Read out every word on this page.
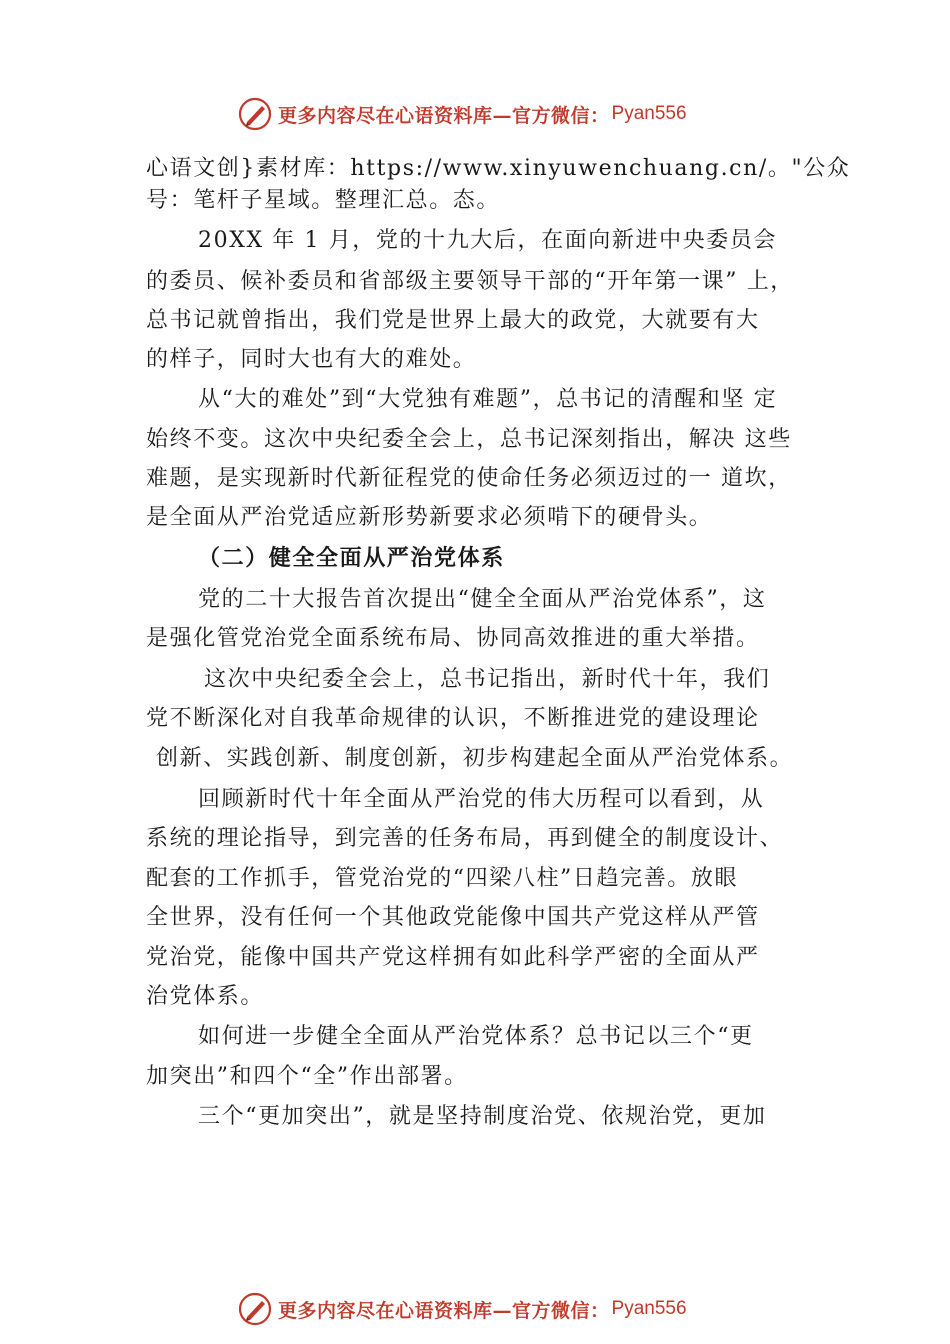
更多内容尽在心语资料库—官方微信： Pyan556
心语文创}素材库：https://www.xinyuwenchuang.cn/。"公众
号：笔杆子星域。整理汇总。态。
20XX 年 1 月，党的十九大后，在面向新进中央委员会
的委员、候补委员和省部级主要领导干部的“开年第一课” 上，
总书记就曾指出，我们党是世界上最大的政党，大就要有大
的样子，同时大也有大的难处。
从“大的难处”到“大党独有难题”，总书记的清醒和坚 定
始终不变。这次中央纪委全会上，总书记深刻指出，解决 这些
难题，是实现新时代新征程党的使命任务必须迈过的一 道坎，
是全面从严治党适应新形势新要求必须啃下的硬骨头。
（二）健全全面从严治党体系
党的二十大报告首次提出“健全全面从严治党体系”，这
是强化管党治党全面系统布局、协同高效推进的重大举措。
这次中央纪委全会上，总书记指出，新时代十年，我们
党不断深化对自我革命规律的认识，不断推进党的建设理论
创新、实践创新、制度创新，初步构建起全面从严治党体系。
回顾新时代十年全面从严治党的伟大历程可以看到，从
系统的理论指导，到完善的任务布局，再到健全的制度设计、
配套的工作抓手，管党治党的“四梁八柱”日趋完善。放眼
全世界，没有任何一个其他政党能像中国共产党这样从严管
党治党，能像中国共产党这样拥有如此科学严密的全面从严
治党体系。
如何进一步健全全面从严治党体系？总书记以三个“更
加突出”和四个“全”作出部署。
三个“更加突出”，就是坚持制度治党、依规治党，更加
更多内容尽在心语资料库—官方微信： Pyan556
